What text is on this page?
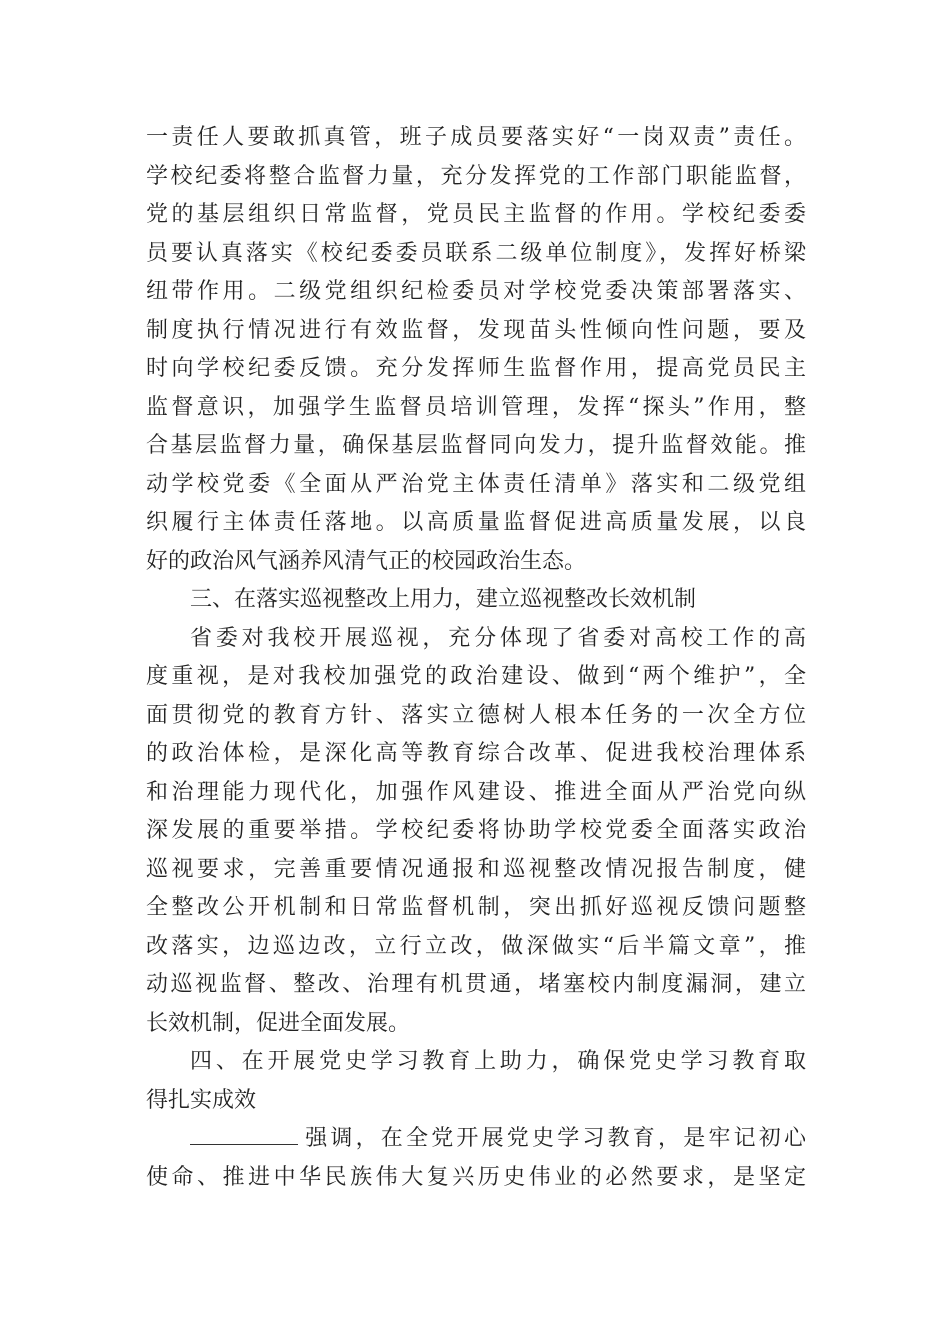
一责任人要敢抓真管，班子成员要落实好“一岗双责”责任。
学校纪委将整合监督力量，充分发挥党的工作部门职能监督，
党的基层组织日常监督，党员民主监督的作用。学校纪委委
员要认真落实《校纪委委员联系二级单位制度》，发挥好桥梁
纽带作用。二级党组织纪检委员对学校党委决策部署落实、
制度执行情况进行有效监督，发现苗头性倾向性问题，要及
时向学校纪委反馈。充分发挥师生监督作用，提高党员民主
监督意识，加强学生监督员培训管理，发挥“探头”作用，整
合基层监督力量，确保基层监督同向发力，提升监督效能。推
动学校党委《全面从严治党主体责任清单》落实和二级党组
织履行主体责任落地。以高质量监督促进高质量发展，以良
好的政治风气涵养风清气正的校园政治生态。
三、在落实巡视整改上用力，建立巡视整改长效机制
省委对我校开展巡视，充分体现了省委对高校工作的高
度重视，是对我校加强党的政治建设、做到“两个维护”，全
面贯彻党的教育方针、落实立德树人根本任务的一次全方位
的政治体检，是深化高等教育综合改革、促进我校治理体系
和治理能力现代化，加强作风建设、推进全面从严治党向纵
深发展的重要举措。学校纪委将协助学校党委全面落实政治
巡视要求，完善重要情况通报和巡视整改情况报告制度，健
全整改公开机制和日常监督机制，突出抓好巡视反馈问题整
改落实，边巡边改，立行立改，做深做实“后半篇文章”，推
动巡视监督、整改、治理有机贯通，堵塞校内制度漏洞，建立
长效机制，促进全面发展。
四、在开展党史学习教育上助力，确保党史学习教育取
得扎实成效
强调，在全党开展党史学习教育，是牢记初心
使命、推进中华民族伟大复兴历史伟业的必然要求，是坚定
